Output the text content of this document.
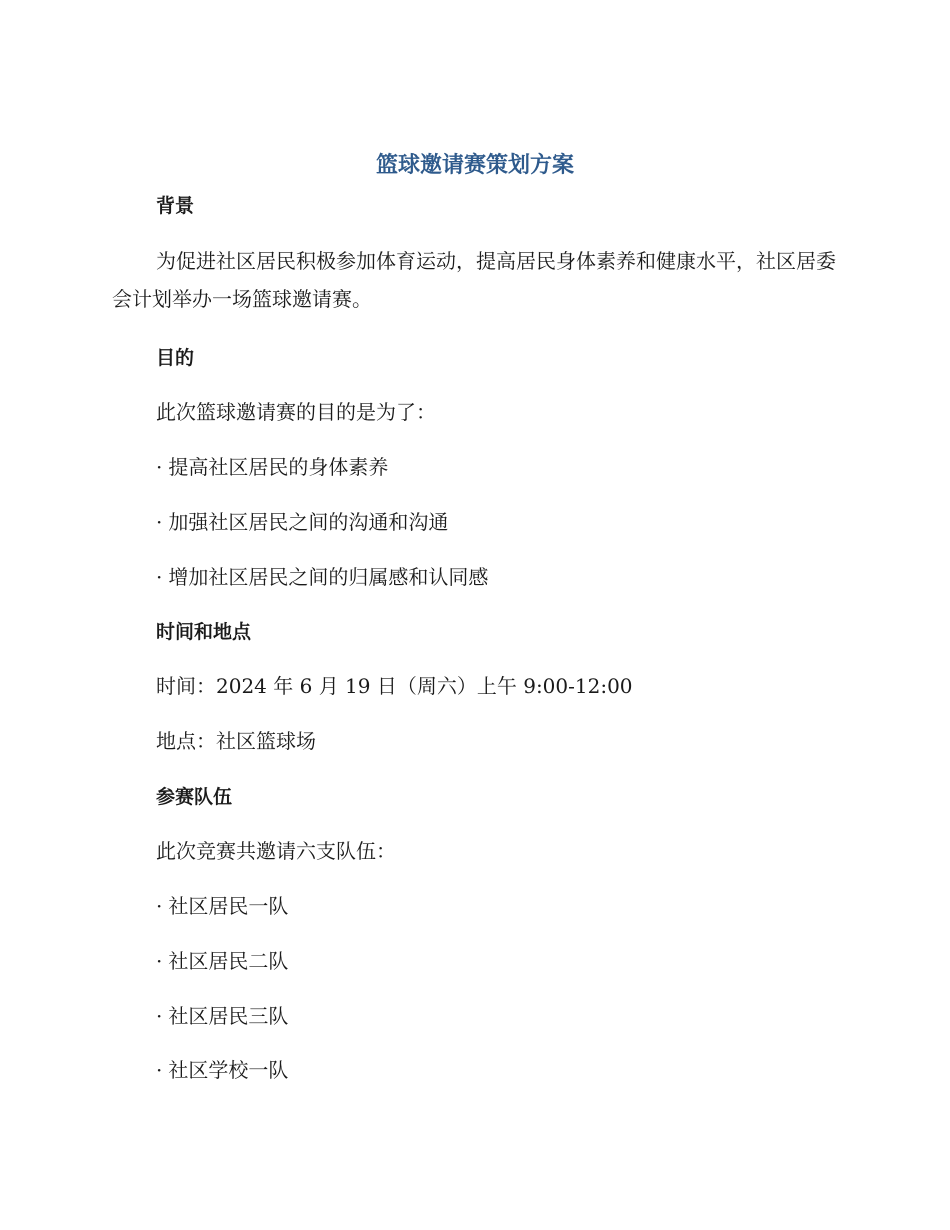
篮球邀请赛策划方案
背景

为促进社区居民积极参加体育运动，提高居民身体素养和健康水平，社区居委会计划举办一场篮球邀请赛。

目的
此次篮球邀请赛的目的是为了：
· 提高社区居民的身体素养
· 加强社区居民之间的沟通和沟通
· 增加社区居民之间的归属感和认同感
时间和地点
时间：2024 年 6 月 19 日（周六）上午 9:00-12:00
地点：社区篮球场
参赛队伍
此次竞赛共邀请六支队伍：
· 社区居民一队
· 社区居民二队
· 社区居民三队
· 社区学校一队
